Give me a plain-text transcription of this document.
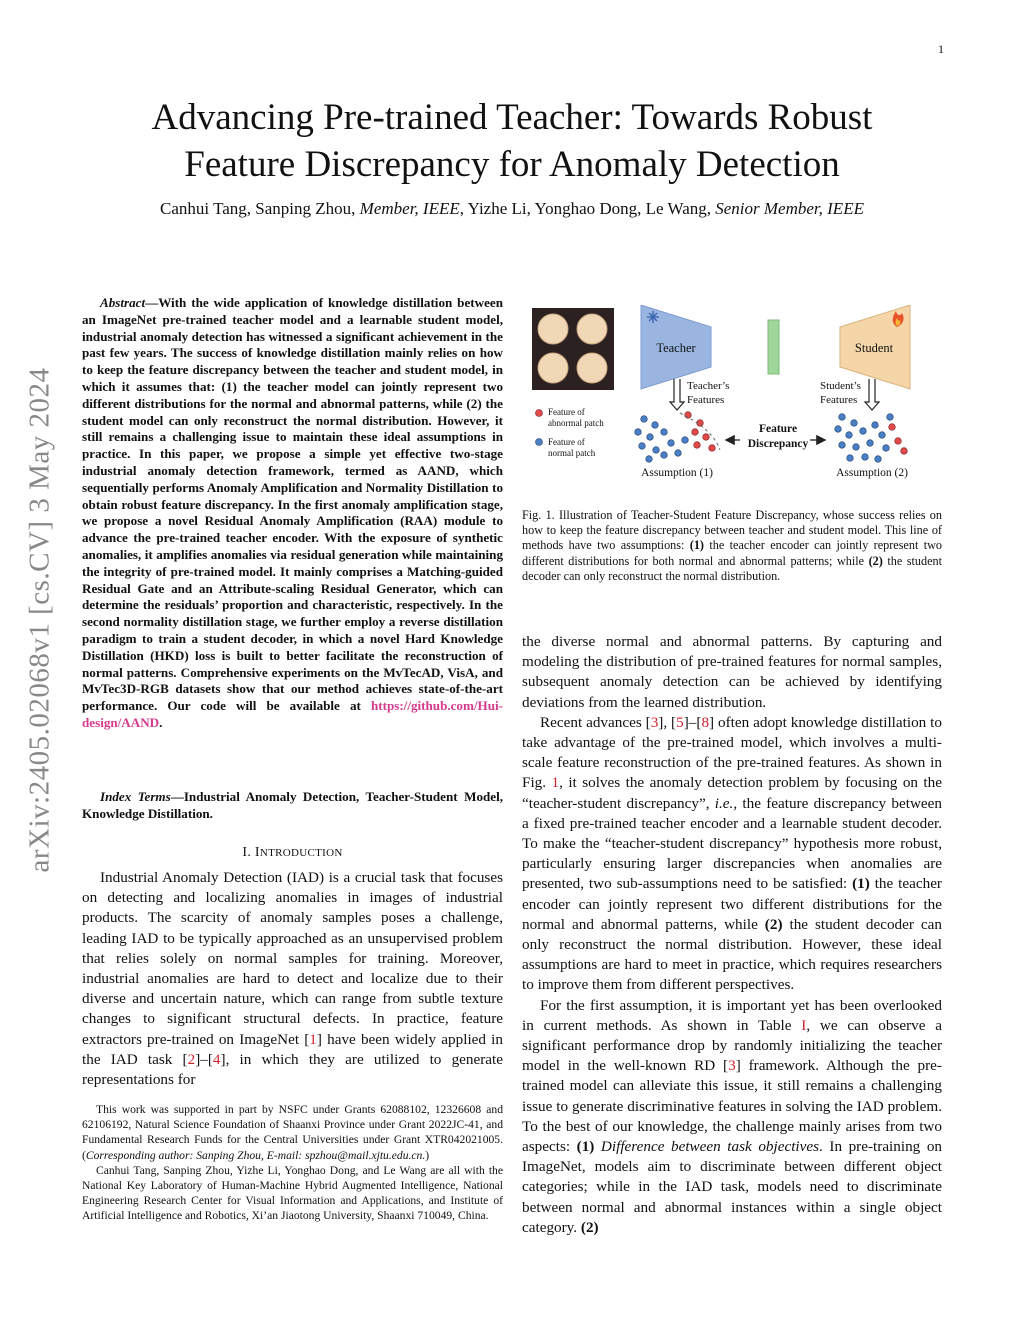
1
arXiv:2405.02068v1 [cs.CV] 3 May 2024
Advancing Pre-trained Teacher: Towards Robust
Feature Discrepancy for Anomaly Detection
Canhui Tang, Sanping Zhou, Member, IEEE, Yizhe Li, Yonghao Dong, Le Wang, Senior Member, IEEE

Abstract—With the wide application of knowledge distillation between an ImageNet pre-trained teacher model and a learnable student model, industrial anomaly detection has witnessed a significant achievement in the past few years. The success of knowledge distillation mainly relies on how to keep the feature discrepancy between the teacher and student model, in which it assumes that: (1) the teacher model can jointly represent two different distributions for the normal and abnormal patterns, while (2) the student model can only reconstruct the normal distribution. However, it still remains a challenging issue to maintain these ideal assumptions in practice. In this paper, we propose a simple yet effective two-stage industrial anomaly detection framework, termed as AAND, which sequentially performs Anomaly Amplification and Normality Distillation to obtain robust feature discrepancy. In the first anomaly amplification stage, we propose a novel Residual Anomaly Amplification (RAA) module to advance the pre-trained teacher encoder. With the exposure of synthetic anomalies, it amplifies anomalies via residual generation while maintaining the integrity of pre-trained model. It mainly comprises a Matching-guided Residual Gate and an Attribute-scaling Residual Generator, which can determine the residuals’ proportion and characteristic, respectively. In the second normality distillation stage, we further employ a reverse distillation paradigm to train a student decoder, in which a novel Hard Knowledge Distillation (HKD) loss is built to better facilitate the reconstruction of normal patterns. Comprehensive experiments on the MvTecAD, VisA, and MvTec3D-RGB datasets show that our method achieves state-of-the-art performance. Our code will be available at https://github.com/Hui-design/AAND.

Index Terms—Industrial Anomaly Detection, Teacher-Student Model, Knowledge Distillation.

I. INTRODUCTION

Industrial Anomaly Detection (IAD) is a crucial task that focuses on detecting and localizing anomalies in images of industrial products. The scarcity of anomaly samples poses a challenge, leading IAD to be typically approached as an unsupervised problem that relies solely on normal samples for training. Moreover, industrial anomalies are hard to detect and localize due to their diverse and uncertain nature, which can range from subtle texture changes to significant structural defects. In practice, feature extractors pre-trained on ImageNet [1] have been widely applied in the IAD task [2]–[4], in which they are utilized to generate representations for

This work was supported in part by NSFC under Grants 62088102, 12326608 and 62106192, Natural Science Foundation of Shaanxi Province under Grant 2022JC-41, and Fundamental Research Funds for the Central Universities under Grant XTR042021005. (Corresponding author: Sanping Zhou, E-mail: spzhou@mail.xjtu.edu.cn.)

Canhui Tang, Sanping Zhou, Yizhe Li, Yonghao Dong, and Le Wang are all with the National Key Laboratory of Human-Machine Hybrid Augmented Intelligence, National Engineering Research Center for Visual Information and Applications, and Institute of Artificial Intelligence and Robotics, Xi’an Jiaotong University, Shaanxi 710049, China.

Teacher	Student
Teacher’s
Features
Student’s
Features
Feature of
abnormal patch
Feature of
normal patch
Feature
Discrepancy
Assumption (1)	Assumption (2)

Fig. 1. Illustration of Teacher-Student Feature Discrepancy, whose success relies on how to keep the feature discrepancy between teacher and student model. This line of methods have two assumptions: (1) the teacher encoder can jointly represent two different distributions for both normal and abnormal patterns; while (2) the student decoder can only reconstruct the normal distribution.

the diverse normal and abnormal patterns. By capturing and modeling the distribution of pre-trained features for normal samples, subsequent anomaly detection can be achieved by identifying deviations from the learned distribution.

Recent advances [3], [5]–[8] often adopt knowledge distillation to take advantage of the pre-trained model, which involves a multi-scale feature reconstruction of the pre-trained features. As shown in Fig. 1, it solves the anomaly detection problem by focusing on the “teacher-student discrepancy”, i.e., the feature discrepancy between a fixed pre-trained teacher encoder and a learnable student decoder. To make the “teacher-student discrepancy” hypothesis more robust, particularly ensuring larger discrepancies when anomalies are presented, two sub-assumptions need to be satisfied: (1) the teacher encoder can jointly represent two different distributions for the normal and abnormal patterns, while (2) the student decoder can only reconstruct the normal distribution. However, these ideal assumptions are hard to meet in practice, which requires researchers to improve them from different perspectives.

For the first assumption, it is important yet has been overlooked in current methods. As shown in Table I, we can observe a significant performance drop by randomly initializing the teacher model in the well-known RD [3] framework. Although the pre-trained model can alleviate this issue, it still remains a challenging issue to generate discriminative features in solving the IAD problem. To the best of our knowledge, the challenge mainly arises from two aspects: (1) Difference between task objectives. In pre-training on ImageNet, models aim to discriminate between different object categories; while in the IAD task, models need to discriminate between normal and abnormal instances within a single object category. (2)
